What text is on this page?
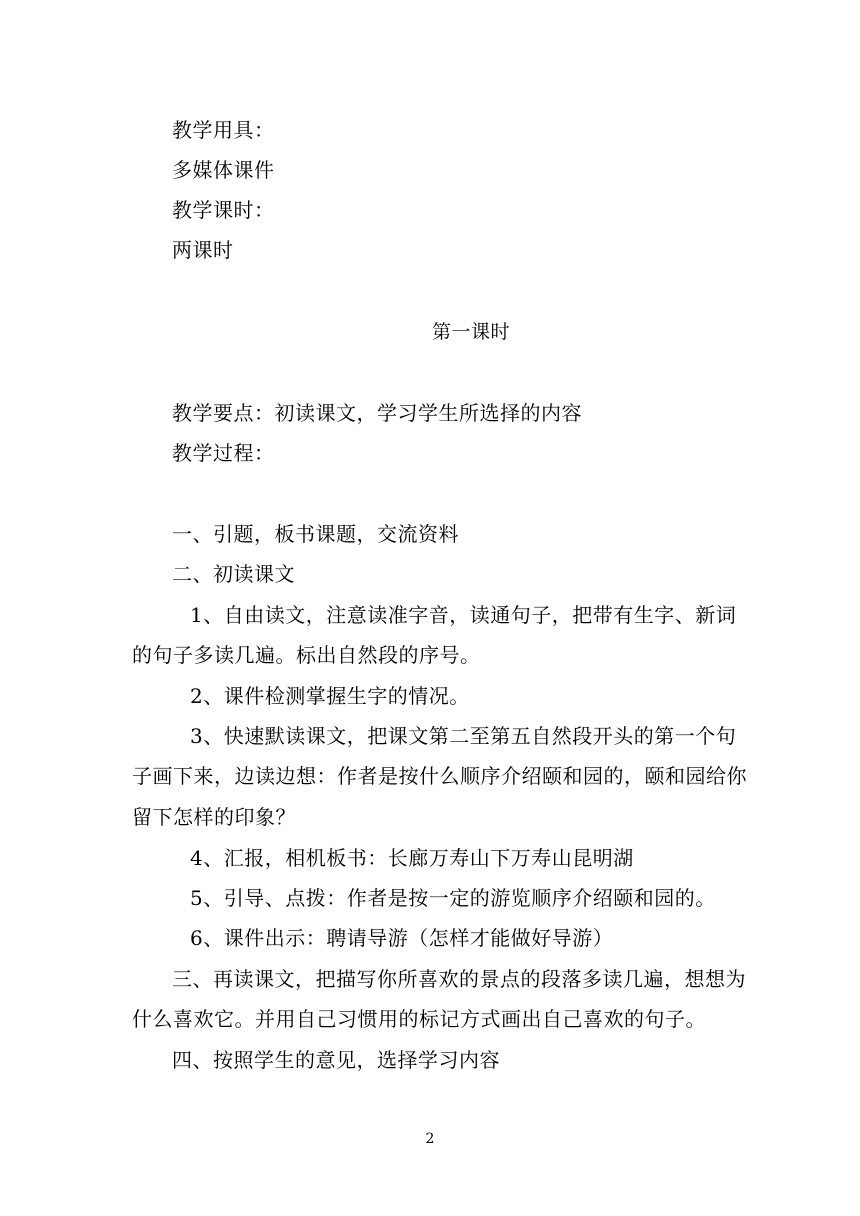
教学用具：
多媒体课件
教学课时：
两课时
第一课时
教学要点：初读课文，学习学生所选择的内容
教学过程：
一、引题，板书课题，交流资料
二、初读课文
1、自由读文，注意读准字音，读通句子，把带有生字、新词
的句子多读几遍。标出自然段的序号。
2、课件检测掌握生字的情况。
3、快速默读课文，把课文第二至第五自然段开头的第一个句
子画下来，边读边想：作者是按什么顺序介绍颐和园的，颐和园给你
留下怎样的印象？
4、汇报，相机板书：长廊万寿山下万寿山昆明湖
5、引导、点拨：作者是按一定的游览顺序介绍颐和园的。
6、课件出示：聘请导游（怎样才能做好导游）
三、再读课文，把描写你所喜欢的景点的段落多读几遍，想想为
什么喜欢它。并用自己习惯用的标记方式画出自己喜欢的句子。
四、按照学生的意见，选择学习内容
2
